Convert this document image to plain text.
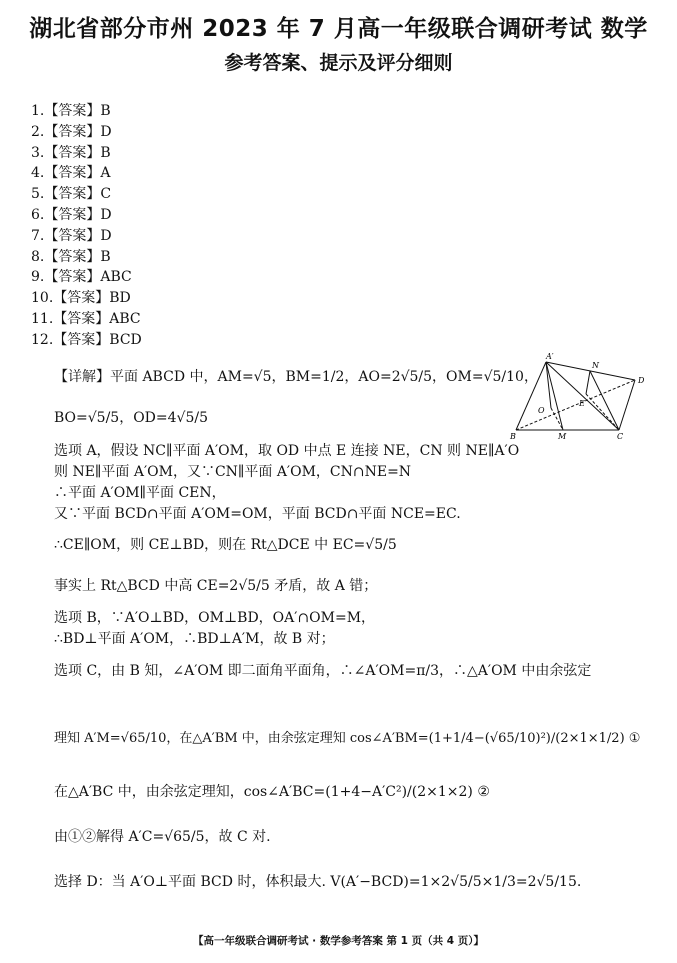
湖北省部分市州 2023 年 7 月高一年级联合调研考试 数学
参考答案、提示及评分细则
1.【答案】B
2.【答案】D
3.【答案】B
4.【答案】A
5.【答案】C
6.【答案】D
7.【答案】D
8.【答案】B
9.【答案】ABC
10.【答案】BD
11.【答案】ABC
12.【答案】BCD
【详解】平面 ABCD 中，AM=√5，BM=1/2，AO=2√5/5，OM=√5/10，
BO=√5/5，OD=4√5/5
选项 A，假设 NC∥平面 A′OM，取 OD 中点 E 连接 NE，CN 则 NE∥A′O
则 NE∥平面 A′OM，又∵CN∥平面 A′OM，CN∩NE=N
∴平面 A′OM∥平面 CEN，
又∵平面 BCD∩平面 A′OM=OM，平面 BCD∩平面 NCE=EC.
∴CE∥OM，则 CE⊥BD，则在 Rt△DCE 中 EC=√5/5
事实上 Rt△BCD 中高 CE=2√5/5 矛盾，故 A 错；
选项 B，∵A′O⊥BD，OM⊥BD，OA′∩OM=M，
∴BD⊥平面 A′OM，∴BD⊥A′M，故 B 对；
选项 C，由 B 知，∠A′OM 即二面角平面角，∴∠A′OM=π/3，∴△A′OM 中由余弦定
理知 A′M=√65/10，在△A′BM 中，由余弦定理知 cos∠A′BM=(1+1/4−(√65/10)²)/(2×1×1/2) ①
在△A′BC 中，由余弦定理知，cos∠A′BC=(1+4−A′C²)/(2×1×2) ②
由①②解得 A′C=√65/5，故 C 对.
选择 D：当 A′O⊥平面 BCD 时，体积最大. V(A′−BCD)=1×2√5/5×1/3=2√5/15.
A′
D
B	C
M
O
E
N
【高一年级联合调研考试 · 数学参考答案 第 1 页（共 4 页）】
